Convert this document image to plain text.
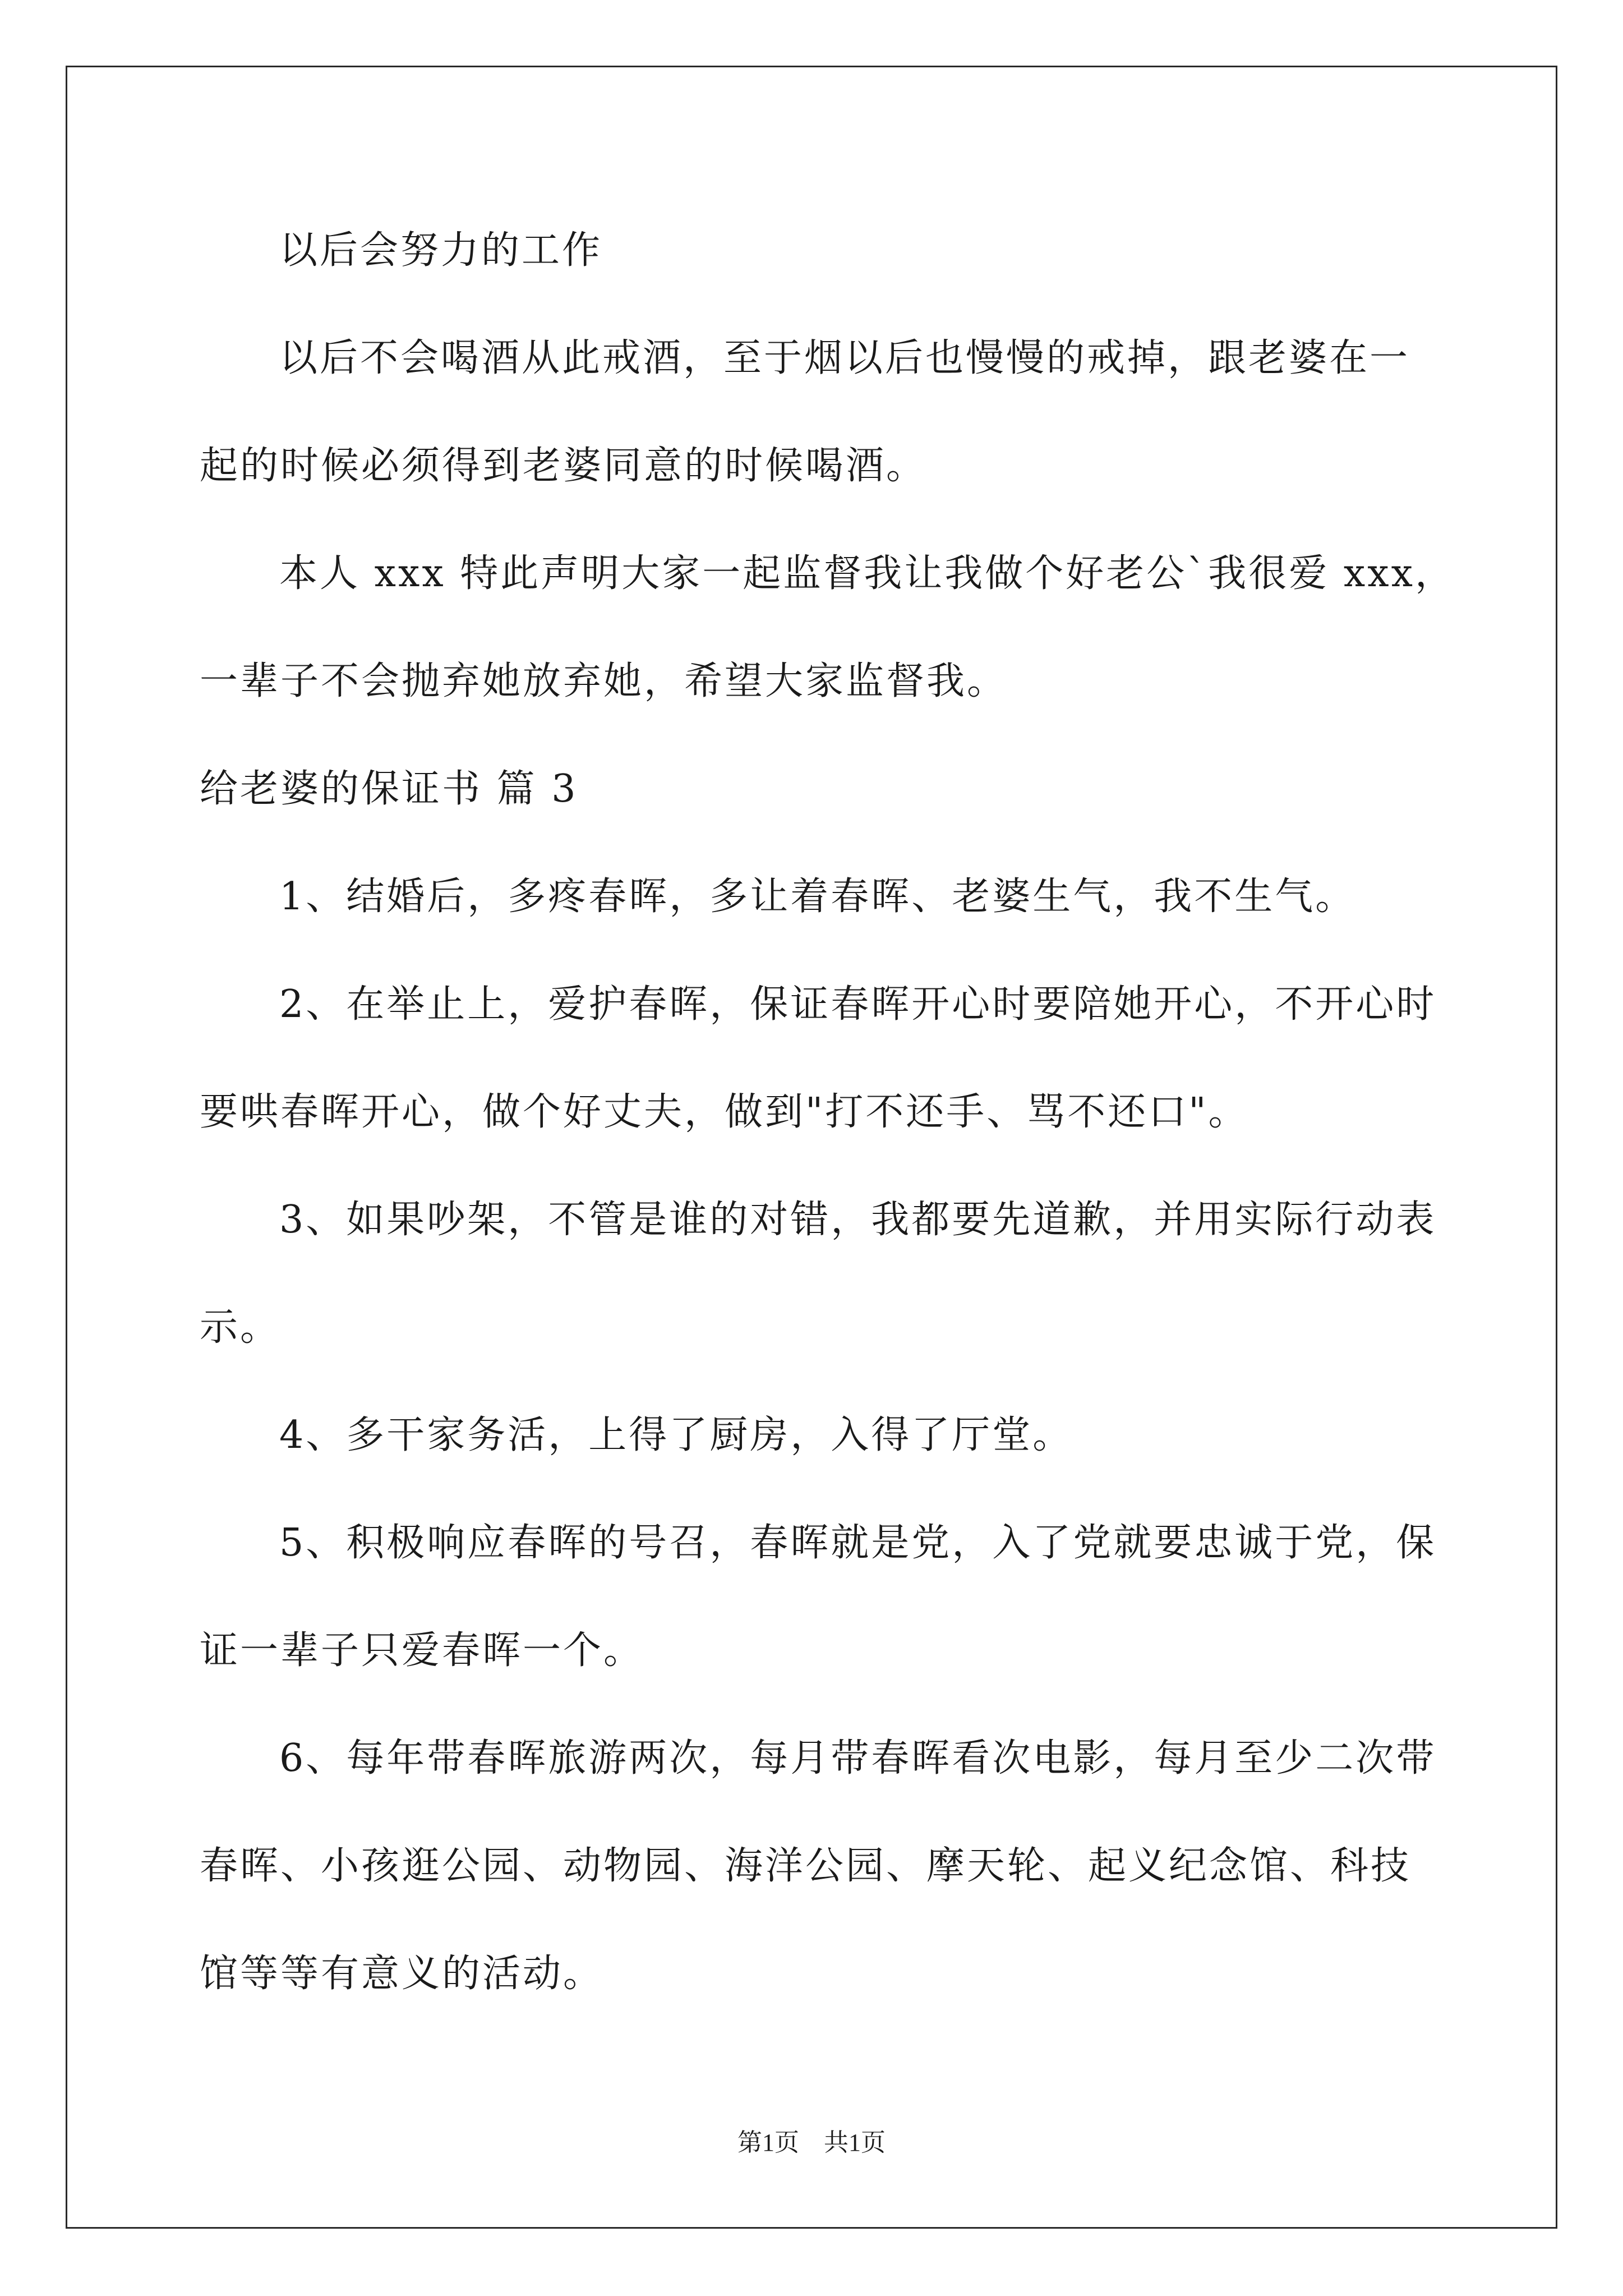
以后会努力的工作
以后不会喝酒从此戒酒，至于烟以后也慢慢的戒掉，跟老婆在一
起的时候必须得到老婆同意的时候喝酒。
本人 xxx 特此声明大家一起监督我让我做个好老公`我很爱 xxx，
一辈子不会抛弃她放弃她，希望大家监督我。
给老婆的保证书 篇 3
1、结婚后，多疼春晖，多让着春晖、老婆生气，我不生气。
2、在举止上，爱护春晖，保证春晖开心时要陪她开心，不开心时
要哄春晖开心，做个好丈夫，做到"打不还手、骂不还口"。
3、如果吵架，不管是谁的对错，我都要先道歉，并用实际行动表
示。
4、多干家务活，上得了厨房，入得了厅堂。
5、积极响应春晖的号召，春晖就是党，入了党就要忠诚于党，保
证一辈子只爱春晖一个。
6、每年带春晖旅游两次，每月带春晖看次电影，每月至少二次带
春晖、小孩逛公园、动物园、海洋公园、摩天轮、起义纪念馆、科技
馆等等有意义的活动。
第1页　共1页
